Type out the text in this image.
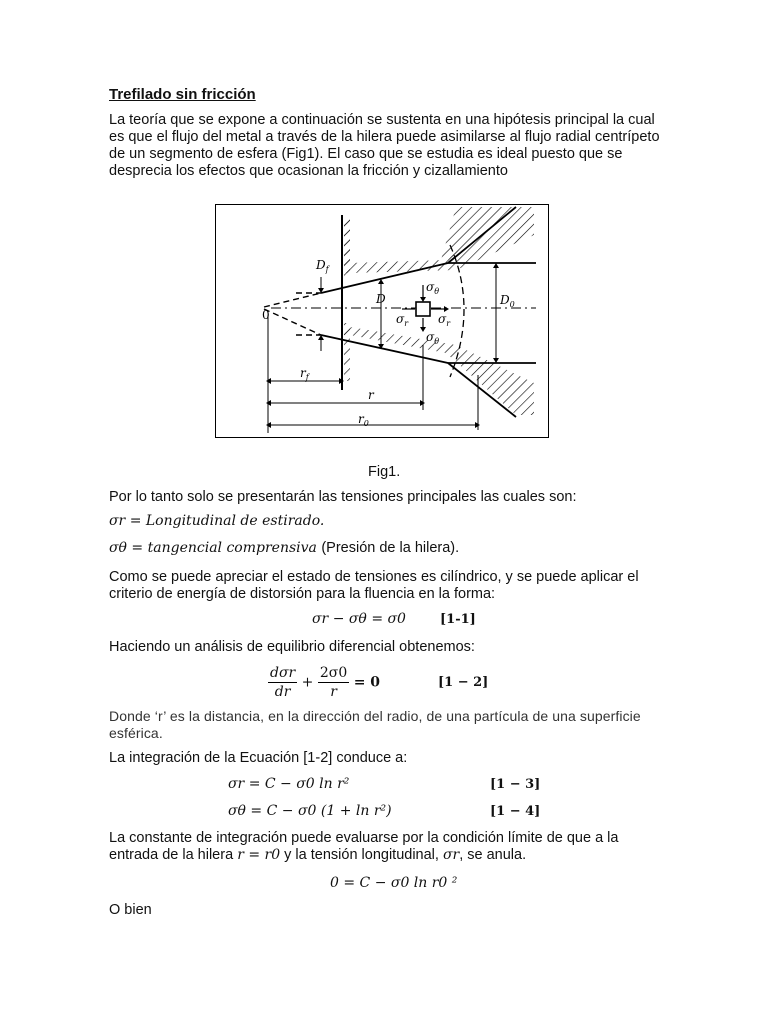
Trefilado sin fricción

La teoría que se expone a continuación se sustenta en una hipótesis principal la cual es que el flujo del metal a través de la hilera puede asimilarse al flujo radial centrípeto de un segmento de esfera (Fig1). El caso que se estudia es ideal puesto que se desprecia los efectos que ocasionan la fricción y cizallamiento

$D_f$
D	$D_0$
0
$\sigma_\theta$
$\sigma_\theta$
$\sigma_r$ $\sigma_r$
$r_f$
r
$r_0$
Fig1.

Por lo tanto solo se presentarán las tensiones principales las cuales son:

σr = Longitudinal de estirado.
σθ = tangencial comprensiva (Presión de la hilera).

Como se puede apreciar el estado de tensiones es cilíndrico, y se puede aplicar el criterio de energía de distorsión para la fluencia en la forma:

σr − σθ = σ0	[1-1]

Haciendo un análisis de equilibrio diferencial obtenemos:

$\frac{\text{dσr}}{dr} + \frac{2\sigma 0}{r} = 0$	[1 − 2]

Donde ‘r’ es la distancia, en la dirección del radio, de una partícula de una superficie
esférica.

La integración de la Ecuación [1-2] conduce a:

σr = C − σ0 ln r²	[1 − 3]
σθ = C − σ0 (1 + ln r²)	[1 − 4]

La constante de integración puede evaluarse por la condición límite de que a la
entrada de la hilera r = r0 y la tensión longitudinal, σr, se anula.

0 = C − σ0 ln r0 ²

O bien
